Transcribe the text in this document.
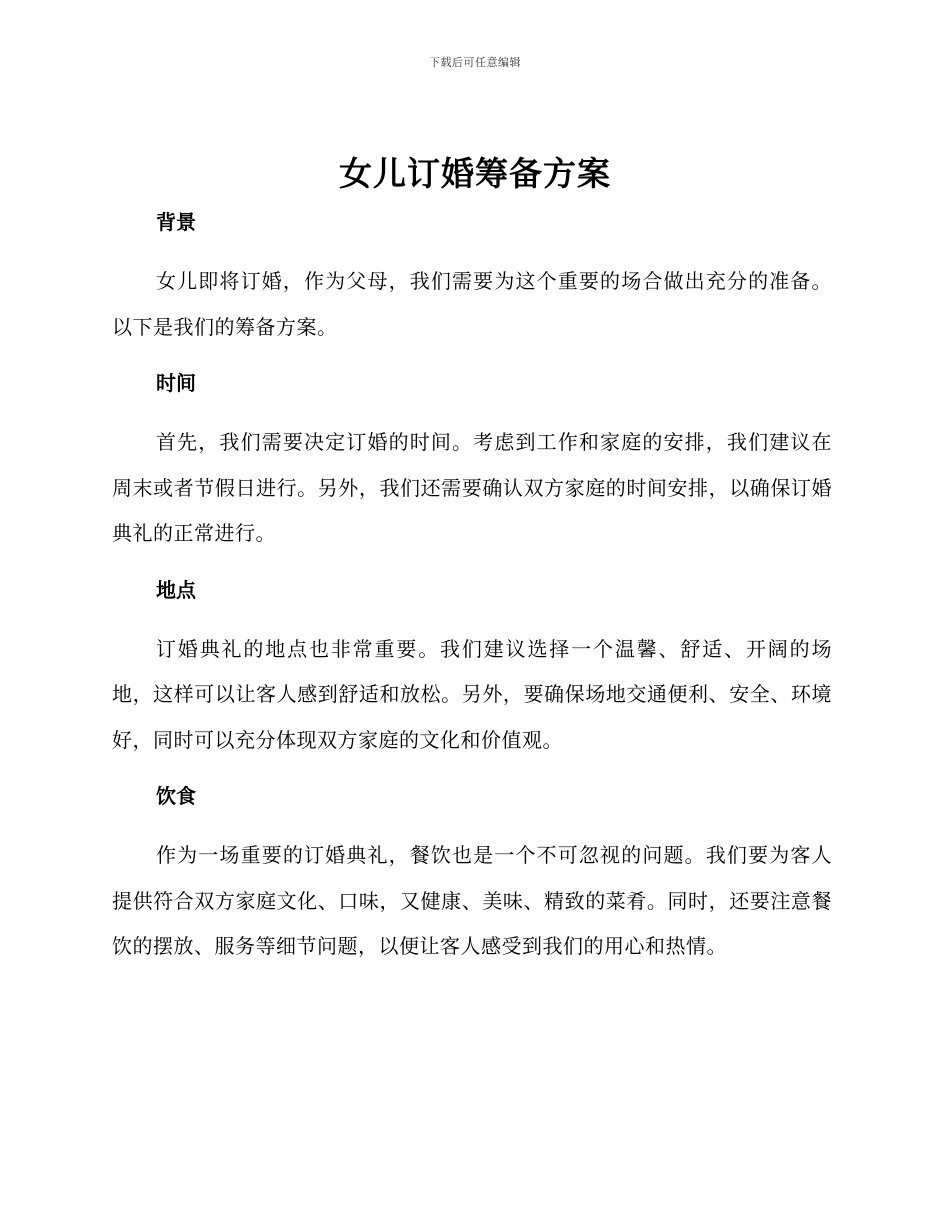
下载后可任意编辑
女儿订婚筹备方案
背景

女儿即将订婚，作为父母，我们需要为这个重要的场合做出充分的准备。以下是我们的筹备方案。

时间

首先，我们需要决定订婚的时间。考虑到工作和家庭的安排，我们建议在周末或者节假日进行。另外，我们还需要确认双方家庭的时间安排，以确保订婚典礼的正常进行。

地点

订婚典礼的地点也非常重要。我们建议选择一个温馨、舒适、开阔的场地，这样可以让客人感到舒适和放松。另外，要确保场地交通便利、安全、环境好，同时可以充分体现双方家庭的文化和价值观。

饮食

作为一场重要的订婚典礼，餐饮也是一个不可忽视的问题。我们要为客人提供符合双方家庭文化、口味，又健康、美味、精致的菜肴。同时，还要注意餐饮的摆放、服务等细节问题，以便让客人感受到我们的用心和热情。
